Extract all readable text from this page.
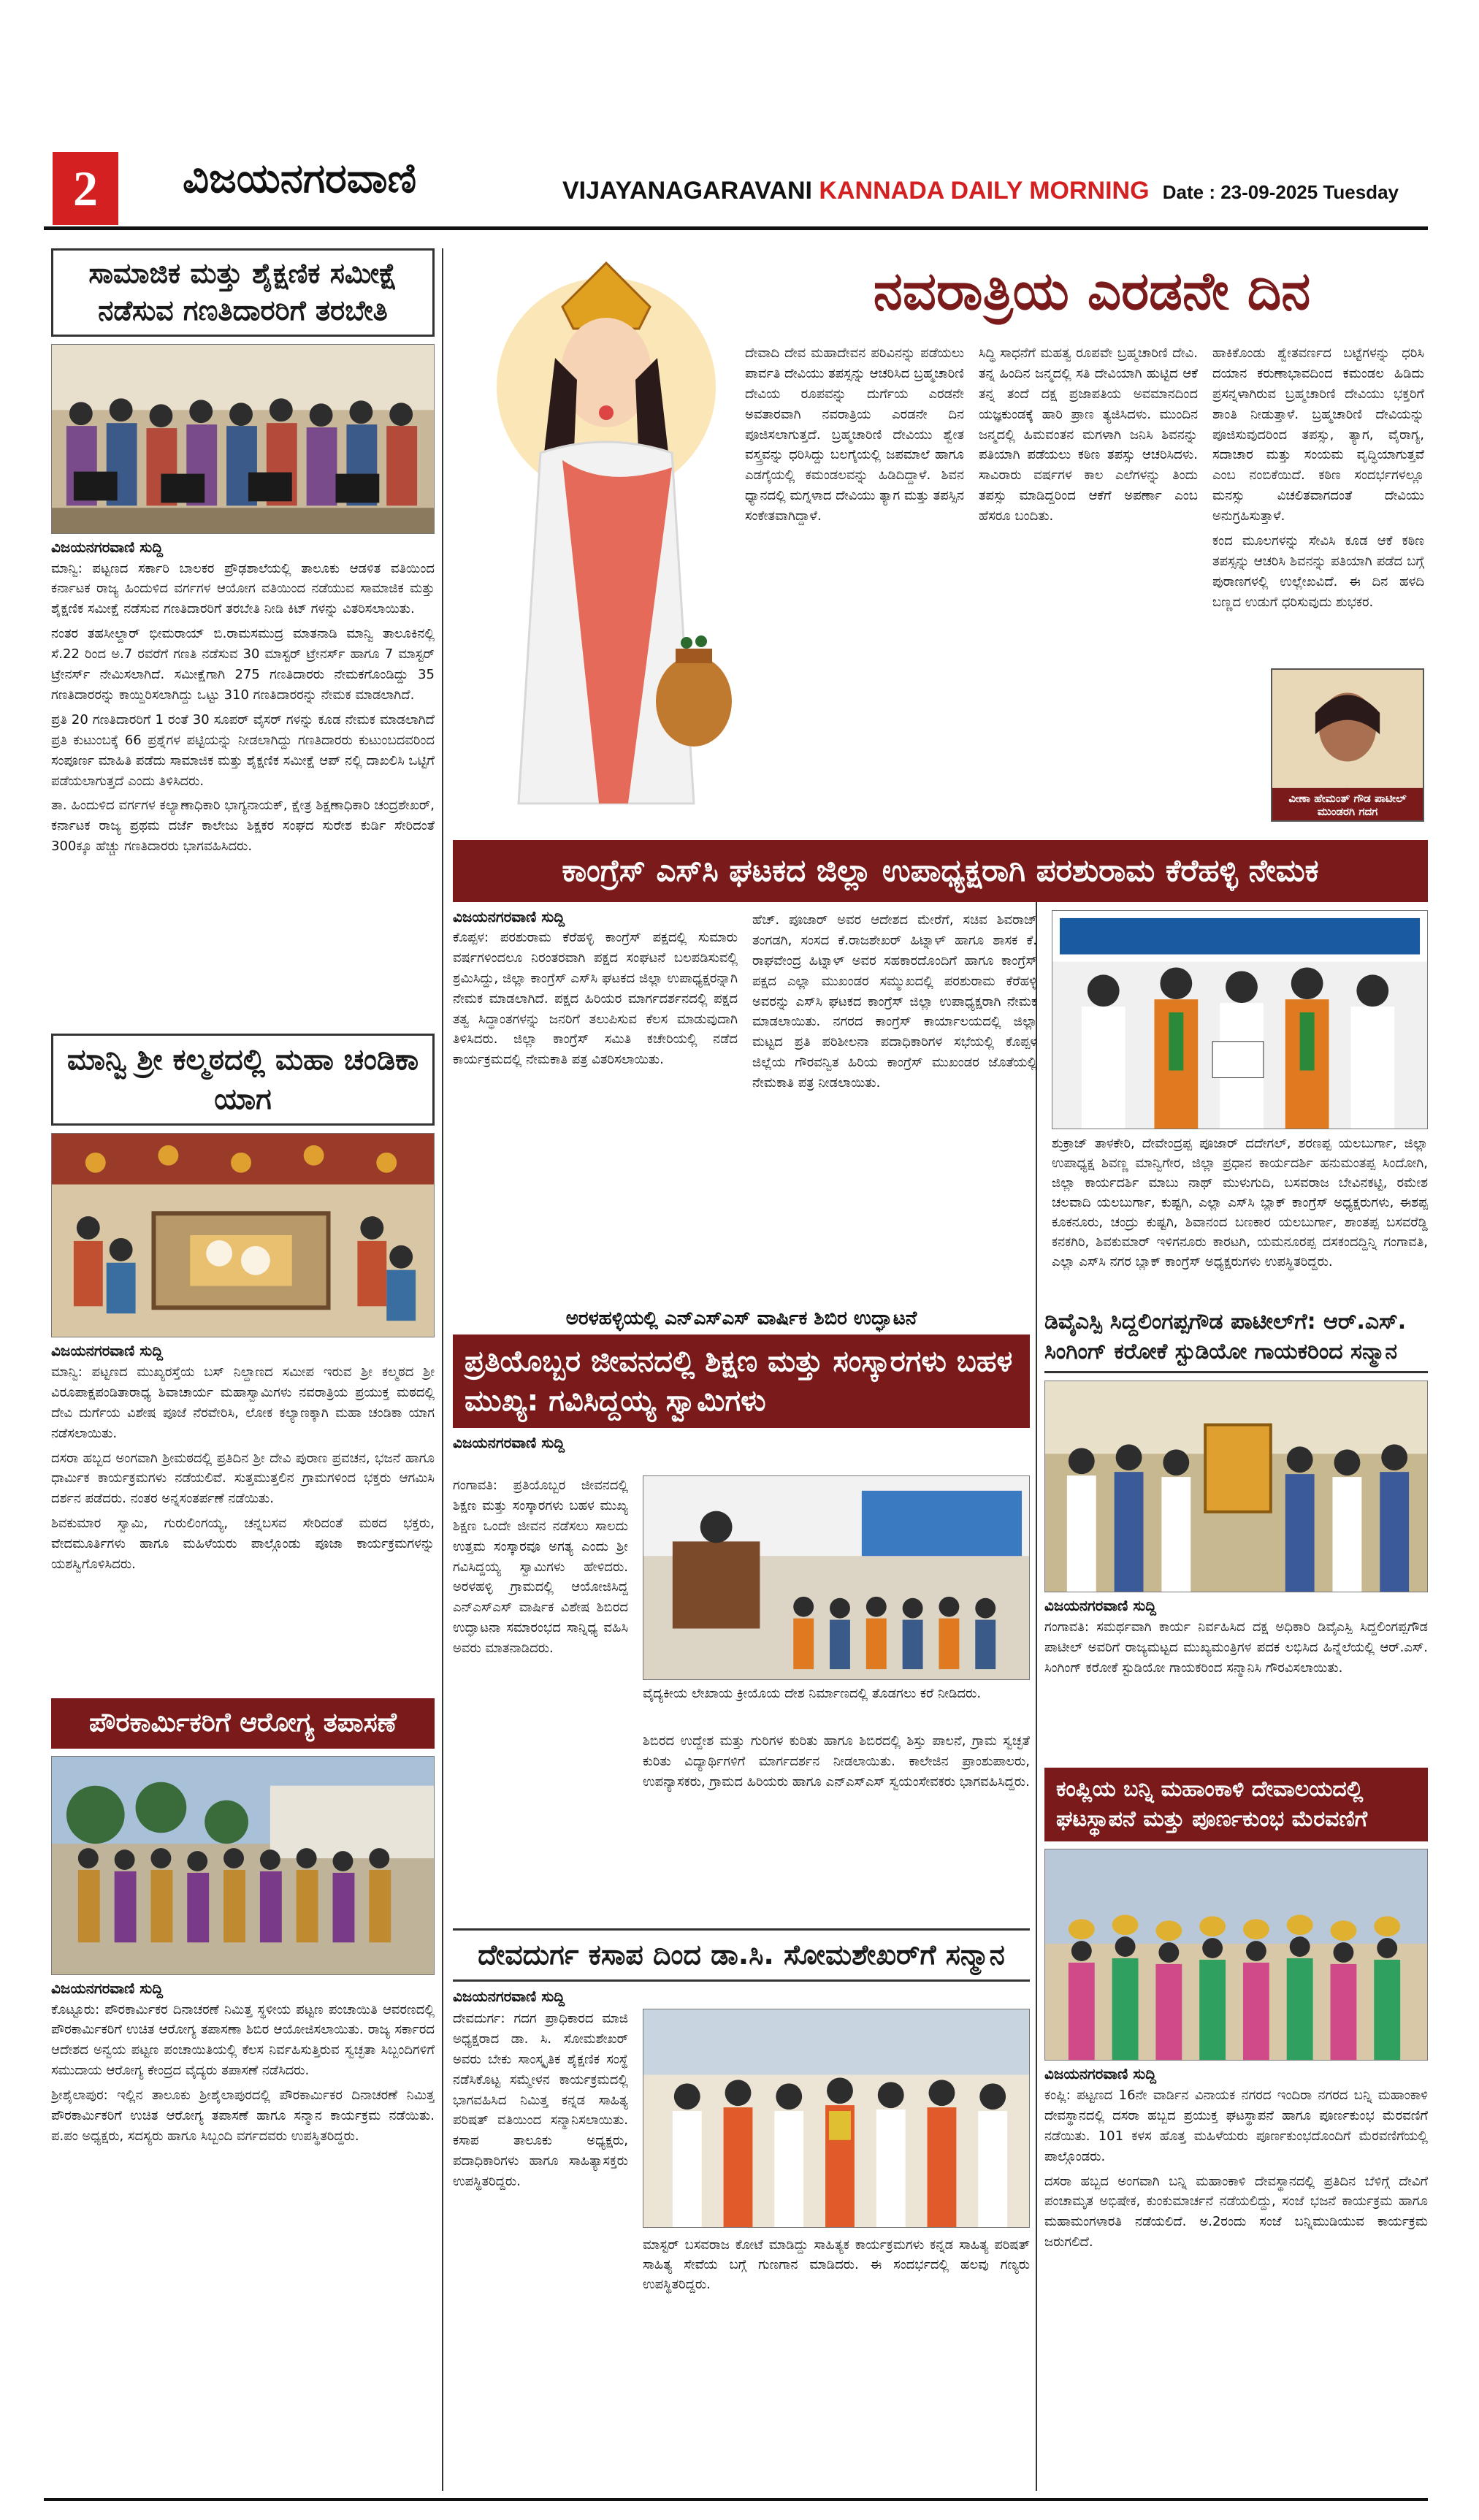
2	ವಿಜಯನಗರವಾಣಿ	VIJAYANAGARAVANI KANNADA DAILY MORNING Date : 23-09-2025 Tuesday
ಸಾಮಾಜಿಕ ಮತ್ತು ಶೈಕ್ಷಣಿಕ ಸಮೀಕ್ಷೆ ನಡೆಸುವ ಗಣತಿದಾರರಿಗೆ ತರಬೇತಿ
ವಿಜಯನಗರವಾಣಿ ಸುದ್ದಿ

ಮಾನ್ವಿ: ಪಟ್ಟಣದ ಸರ್ಕಾರಿ ಬಾಲಕರ ಪ್ರೌಢಶಾಲೆಯಲ್ಲಿ ತಾಲೂಕು ಆಡಳಿತ ವತಿಯಿಂದ ಕರ್ನಾಟಕ ರಾಜ್ಯ ಹಿಂದುಳಿದ ವರ್ಗಗಳ ಆಯೋಗ ವತಿಯಿಂದ ನಡೆಯುವ ಸಾಮಾಜಿಕ ಮತ್ತು ಶೈಕ್ಷಣಿಕ ಸಮೀಕ್ಷೆ ನಡೆಸುವ ಗಣತಿದಾರರಿಗೆ ತರಬೇತಿ ನೀಡಿ ಕಿಟ್ ಗಳನ್ನು ವಿತರಿಸಲಾಯಿತು.

ನಂತರ ತಹಸೀಲ್ದಾರ್ ಭೀಮರಾಯ್ ಬಿ.ರಾಮಸಮುದ್ರ ಮಾತನಾಡಿ ಮಾನ್ವಿ ತಾಲೂಕಿನಲ್ಲಿ ಸೆ.22 ರಿಂದ ಅ.7 ರವರೆಗೆ ಗಣತಿ ನಡೆಸುವ 30 ಮಾಸ್ಟರ್ ಟ್ರೇನರ್ಸ್ ಹಾಗೂ 7 ಮಾಸ್ಟರ್ ಟ್ರೇನರ್ಸ್ ನೇಮಿಸಲಾಗಿದೆ. ಸಮೀಕ್ಷೆಗಾಗಿ 275 ಗಣತಿದಾರರು ನೇಮಕಗೊಂಡಿದ್ದು 35 ಗಣತಿದಾರರನ್ನು ಕಾಯ್ದಿರಿಸಲಾಗಿದ್ದು ಒಟ್ಟು 310 ಗಣತಿದಾರರನ್ನು ನೇಮಕ ಮಾಡಲಾಗಿದೆ.

ಪ್ರತಿ 20 ಗಣತಿದಾರರಿಗೆ 1 ರಂತೆ 30 ಸೂಪರ್ ವೈಸರ್ ಗಳನ್ನು ಕೂಡ ನೇಮಕ ಮಾಡಲಾಗಿದೆ ಪ್ರತಿ ಕುಟುಂಬಕ್ಕೆ 66 ಪ್ರಶ್ನೆಗಳ ಪಟ್ಟಿಯನ್ನು ನೀಡಲಾಗಿದ್ದು ಗಣತಿದಾರರು ಕುಟುಂಬದವರಿಂದ ಸಂಪೂರ್ಣ ಮಾಹಿತಿ ಪಡೆದು ಸಾಮಾಜಿಕ ಮತ್ತು ಶೈಕ್ಷಣಿಕ ಸಮೀಕ್ಷೆ ಆಪ್ ನಲ್ಲಿ ದಾಖಲಿಸಿ ಒಟ್ಟಿಗೆ ಪಡೆಯಲಾಗುತ್ತದೆ ಎಂದು ತಿಳಿಸಿದರು.

ತಾ. ಹಿಂದುಳಿದ ವರ್ಗಗಳ ಕಲ್ಯಾಣಾಧಿಕಾರಿ ಭಾಗ್ಯನಾಯಕ್, ಕ್ಷೇತ್ರ ಶಿಕ್ಷಣಾಧಿಕಾರಿ ಚಂದ್ರಶೇಖರ್, ಕರ್ನಾಟಕ ರಾಜ್ಯ ಪ್ರಥಮ ದರ್ಜೆ ಕಾಲೇಜು ಶಿಕ್ಷಕರ ಸಂಘದ ಸುರೇಶ ಕುರ್ಡಿ ಸೇರಿದಂತೆ 300ಕ್ಕೂ ಹೆಚ್ಚು ಗಣತಿದಾರರು ಭಾಗವಹಿಸಿದರು.

ಮಾನ್ವಿ ಶ್ರೀ ಕಲ್ಮಠದಲ್ಲಿ ಮಹಾ ಚಂಡಿಕಾ ಯಾಗ
ವಿಜಯನಗರವಾಣಿ ಸುದ್ದಿ

ಮಾನ್ವಿ: ಪಟ್ಟಣದ ಮುಖ್ಯರಸ್ತೆಯ ಬಸ್ ನಿಲ್ದಾಣದ ಸಮೀಪ ಇರುವ ಶ್ರೀ ಕಲ್ಮಠದ ಶ್ರೀ ವಿರೂಪಾಕ್ಷಪಂಡಿತಾರಾಧ್ಯ ಶಿವಾಚಾರ್ಯ ಮಹಾಸ್ವಾಮಿಗಳು ನವರಾತ್ರಿಯ ಪ್ರಯುಕ್ತ ಮಠದಲ್ಲಿ ದೇವಿ ದುರ್ಗೆಯ ವಿಶೇಷ ಪೂಜೆ ನೆರವೇರಿಸಿ, ಲೋಕ ಕಲ್ಯಾಣಕ್ಕಾಗಿ ಮಹಾ ಚಂಡಿಕಾ ಯಾಗ ನಡೆಸಲಾಯಿತು.

ದಸರಾ ಹಬ್ಬದ ಅಂಗವಾಗಿ ಶ್ರೀಮಠದಲ್ಲಿ ಪ್ರತಿದಿನ ಶ್ರೀ ದೇವಿ ಪುರಾಣ ಪ್ರವಚನ, ಭಜನೆ ಹಾಗೂ ಧಾರ್ಮಿಕ ಕಾರ್ಯಕ್ರಮಗಳು ನಡೆಯಲಿವೆ. ಸುತ್ತಮುತ್ತಲಿನ ಗ್ರಾಮಗಳಿಂದ ಭಕ್ತರು ಆಗಮಿಸಿ ದರ್ಶನ ಪಡೆದರು. ನಂತರ ಅನ್ನಸಂತರ್ಪಣೆ ನಡೆಯಿತು.

ಶಿವಕುಮಾರ ಸ್ವಾಮಿ, ಗುರುಲಿಂಗಯ್ಯ, ಚನ್ನಬಸವ ಸೇರಿದಂತೆ ಮಠದ ಭಕ್ತರು, ವೇದಮೂರ್ತಿಗಳು ಹಾಗೂ ಮಹಿಳೆಯರು ಪಾಲ್ಗೊಂಡು ಪೂಜಾ ಕಾರ್ಯಕ್ರಮಗಳನ್ನು ಯಶಸ್ವಿಗೊಳಿಸಿದರು.

ಪೌರಕಾರ್ಮಿಕರಿಗೆ ಆರೋಗ್ಯ ತಪಾಸಣೆ
ವಿಜಯನಗರವಾಣಿ ಸುದ್ದಿ

ಕೊಟ್ಟೂರು: ಪೌರಕಾರ್ಮಿಕರ ದಿನಾಚರಣೆ ನಿಮಿತ್ತ ಸ್ಥಳೀಯ ಪಟ್ಟಣ ಪಂಚಾಯಿತಿ ಆವರಣದಲ್ಲಿ ಪೌರಕಾರ್ಮಿಕರಿಗೆ ಉಚಿತ ಆರೋಗ್ಯ ತಪಾಸಣಾ ಶಿಬಿರ ಆಯೋಜಿಸಲಾಯಿತು. ರಾಜ್ಯ ಸರ್ಕಾರದ ಆದೇಶದ ಅನ್ವಯ ಪಟ್ಟಣ ಪಂಚಾಯಿತಿಯಲ್ಲಿ ಕೆಲಸ ನಿರ್ವಹಿಸುತ್ತಿರುವ ಸ್ವಚ್ಛತಾ ಸಿಬ್ಬಂದಿಗಳಿಗೆ ಸಮುದಾಯ ಆರೋಗ್ಯ ಕೇಂದ್ರದ ವೈದ್ಯರು ತಪಾಸಣೆ ನಡೆಸಿದರು.

ಶ್ರೀಶೈಲಾಪುರ: ಇಲ್ಲಿನ ತಾಲೂಕು ಶ್ರೀಶೈಲಾಪುರದಲ್ಲಿ ಪೌರಕಾರ್ಮಿಕರ ದಿನಾಚರಣೆ ನಿಮಿತ್ತ ಪೌರಕಾರ್ಮಿಕರಿಗೆ ಉಚಿತ ಆರೋಗ್ಯ ತಪಾಸಣೆ ಹಾಗೂ ಸನ್ಮಾನ ಕಾರ್ಯಕ್ರಮ ನಡೆಯಿತು. ಪ.ಪಂ ಅಧ್ಯಕ್ಷರು, ಸದಸ್ಯರು ಹಾಗೂ ಸಿಬ್ಬಂದಿ ವರ್ಗದವರು ಉಪಸ್ಥಿತರಿದ್ದರು.

ನವರಾತ್ರಿಯ ಎರಡನೇ ದಿನ

ದೇವಾದಿ ದೇವ ಮಹಾದೇವನ ಪರಿವಿನನ್ನು ಪಡೆಯಲು ಪಾರ್ವತಿ ದೇವಿಯು ತಪಸ್ಸನ್ನು ಆಚರಿಸಿದ ಬ್ರಹ್ಮಚಾರಿಣಿ ದೇವಿಯ ರೂಪವನ್ನು ದುರ್ಗೆಯ ಎರಡನೇ ಅವತಾರವಾಗಿ ನವರಾತ್ರಿಯ ಎರಡನೇ ದಿನ ಪೂಜಿಸಲಾಗುತ್ತದೆ. ಬ್ರಹ್ಮಚಾರಿಣಿ ದೇವಿಯು ಶ್ವೇತ ವಸ್ತ್ರವನ್ನು ಧರಿಸಿದ್ದು ಬಲಗೈಯಲ್ಲಿ ಜಪಮಾಲೆ ಹಾಗೂ ಎಡಗೈಯಲ್ಲಿ ಕಮಂಡಲವನ್ನು ಹಿಡಿದಿದ್ದಾಳೆ. ಶಿವನ ಧ್ಯಾನದಲ್ಲಿ ಮಗ್ನಳಾದ ದೇವಿಯು ತ್ಯಾಗ ಮತ್ತು ತಪಸ್ಸಿನ ಸಂಕೇತವಾಗಿದ್ದಾಳೆ.

ಸಿದ್ಧಿ ಸಾಧನೆಗೆ ಮಹತ್ವ ರೂಪವೇ ಬ್ರಹ್ಮಚಾರಿಣಿ ದೇವಿ. ತನ್ನ ಹಿಂದಿನ ಜನ್ಮದಲ್ಲಿ ಸತಿ ದೇವಿಯಾಗಿ ಹುಟ್ಟಿದ ಆಕೆ ತನ್ನ ತಂದೆ ದಕ್ಷ ಪ್ರಜಾಪತಿಯ ಅವಮಾನದಿಂದ ಯಜ್ಞಕುಂಡಕ್ಕೆ ಹಾರಿ ಪ್ರಾಣ ತ್ಯಜಿಸಿದಳು. ಮುಂದಿನ ಜನ್ಮದಲ್ಲಿ ಹಿಮವಂತನ ಮಗಳಾಗಿ ಜನಿಸಿ ಶಿವನನ್ನು ಪತಿಯಾಗಿ ಪಡೆಯಲು ಕಠಿಣ ತಪಸ್ಸು ಆಚರಿಸಿದಳು. ಸಾವಿರಾರು ವರ್ಷಗಳ ಕಾಲ ಎಲೆಗಳನ್ನು ತಿಂದು ತಪಸ್ಸು ಮಾಡಿದ್ದರಿಂದ ಆಕೆಗೆ ಅಪರ್ಣಾ ಎಂಬ ಹೆಸರೂ ಬಂದಿತು.

ಹಾಕಿಕೊಂಡು ಶ್ವೇತವರ್ಣದ ಬಟ್ಟೆಗಳನ್ನು ಧರಿಸಿ ದಯಾನ ಕರುಣಾಭಾವದಿಂದ ಕಮಂಡಲ ಹಿಡಿದು ಪ್ರಸನ್ನಳಾಗಿರುವ ಬ್ರಹ್ಮಚಾರಿಣಿ ದೇವಿಯು ಭಕ್ತರಿಗೆ ಶಾಂತಿ ನೀಡುತ್ತಾಳೆ. ಬ್ರಹ್ಮಚಾರಿಣಿ ದೇವಿಯನ್ನು ಪೂಜಿಸುವುದರಿಂದ ತಪಸ್ಸು, ತ್ಯಾಗ, ವೈರಾಗ್ಯ, ಸದಾಚಾರ ಮತ್ತು ಸಂಯಮ ವೃದ್ಧಿಯಾಗುತ್ತವೆ ಎಂಬ ನಂಬಿಕೆಯಿದೆ. ಕಠಿಣ ಸಂದರ್ಭಗಳಲ್ಲೂ ಮನಸ್ಸು ವಿಚಲಿತವಾಗದಂತೆ ದೇವಿಯು ಅನುಗ್ರಹಿಸುತ್ತಾಳೆ.

ಕಂದ ಮೂಲಗಳನ್ನು ಸೇವಿಸಿ ಕೂಡ ಆಕೆ ಕಠಿಣ ತಪಸ್ಸನ್ನು ಆಚರಿಸಿ ಶಿವನನ್ನು ಪತಿಯಾಗಿ ಪಡೆದ ಬಗ್ಗೆ ಪುರಾಣಗಳಲ್ಲಿ ಉಲ್ಲೇಖವಿದೆ. ಈ ದಿನ ಹಳದಿ ಬಣ್ಣದ ಉಡುಗೆ ಧರಿಸುವುದು ಶುಭಕರ.

ವೀಣಾ ಹೇಮಂತ್ ಗೌಡ ಪಾಟೀಲ್ ಮುಂಡರಗಿ ಗದಗ
ಕಾಂಗ್ರೆಸ್ ಎಸ್‌ಸಿ ಘಟಕದ ಜಿಲ್ಲಾ ಉಪಾಧ್ಯಕ್ಷರಾಗಿ ಪರಶುರಾಮ ಕೆರೆಹಳ್ಳಿ ನೇಮಕ
ವಿಜಯನಗರವಾಣಿ ಸುದ್ದಿ

ಕೊಪ್ಪಳ: ಪರಶುರಾಮ ಕೆರೆಹಳ್ಳಿ ಕಾಂಗ್ರೆಸ್ ಪಕ್ಷದಲ್ಲಿ ಸುಮಾರು ವರ್ಷಗಳಿಂದಲೂ ನಿರಂತರವಾಗಿ ಪಕ್ಷದ ಸಂಘಟನೆ ಬಲಪಡಿಸುವಲ್ಲಿ ಶ್ರಮಿಸಿದ್ದು, ಜಿಲ್ಲಾ ಕಾಂಗ್ರೆಸ್ ಎಸ್‌ಸಿ ಘಟಕದ ಜಿಲ್ಲಾ ಉಪಾಧ್ಯಕ್ಷರನ್ನಾಗಿ ನೇಮಕ ಮಾಡಲಾಗಿದೆ. ಪಕ್ಷದ ಹಿರಿಯರ ಮಾರ್ಗದರ್ಶನದಲ್ಲಿ ಪಕ್ಷದ ತತ್ವ ಸಿದ್ಧಾಂತಗಳನ್ನು ಜನರಿಗೆ ತಲುಪಿಸುವ ಕೆಲಸ ಮಾಡುವುದಾಗಿ ತಿಳಿಸಿದರು. ಜಿಲ್ಲಾ ಕಾಂಗ್ರೆಸ್ ಸಮಿತಿ ಕಚೇರಿಯಲ್ಲಿ ನಡೆದ ಕಾರ್ಯಕ್ರಮದಲ್ಲಿ ನೇಮಕಾತಿ ಪತ್ರ ವಿತರಿಸಲಾಯಿತು.

ಹೆಚ್. ಪೂಜಾರ್ ಅವರ ಆದೇಶದ ಮೇರೆಗೆ, ಸಚಿವ ಶಿವರಾಜ್ ತಂಗಡಗಿ, ಸಂಸದ ಕೆ.ರಾಜಶೇಖರ್ ಹಿಟ್ನಾಳ್ ಹಾಗೂ ಶಾಸಕ ಕೆ. ರಾಘವೇಂದ್ರ ಹಿಟ್ನಾಳ್ ಅವರ ಸಹಕಾರದೊಂದಿಗೆ ಹಾಗೂ ಕಾಂಗ್ರೆಸ್ ಪಕ್ಷದ ಎಲ್ಲಾ ಮುಖಂಡರ ಸಮ್ಮುಖದಲ್ಲಿ ಪರಶುರಾಮ ಕೆರೆಹಳ್ಳಿ ಅವರನ್ನು ಎಸ್‌ಸಿ ಘಟಕದ ಕಾಂಗ್ರೆಸ್ ಜಿಲ್ಲಾ ಉಪಾಧ್ಯಕ್ಷರಾಗಿ ನೇಮಕ ಮಾಡಲಾಯಿತು. ನಗರದ ಕಾಂಗ್ರೆಸ್ ಕಾರ್ಯಾಲಯದಲ್ಲಿ ಜಿಲ್ಲಾ ಮಟ್ಟದ ಪ್ರತಿ ಪರಿಶೀಲನಾ ಪದಾಧಿಕಾರಿಗಳ ಸಭೆಯಲ್ಲಿ ಕೊಪ್ಪಳ ಜಿಲ್ಲೆಯ ಗೌರವನ್ವಿತ ಹಿರಿಯ ಕಾಂಗ್ರೆಸ್ ಮುಖಂಡರ ಜೊತೆಯಲ್ಲಿ ನೇಮಕಾತಿ ಪತ್ರ ನೀಡಲಾಯಿತು.

ಶುಕ್ರಾಜ್ ತಾಳಕೇರಿ, ದೇವೇಂದ್ರಪ್ಪ ಪೂಜಾರ್ ದದೇಗಲ್, ಶರಣಪ್ಪ ಯಲಬುರ್ಗಾ, ಜಿಲ್ಲಾ ಉಪಾಧ್ಯಕ್ಷ ಶಿವಣ್ಣ ಮಾನ್ವಿಗೇರ, ಜಿಲ್ಲಾ ಪ್ರಧಾನ ಕಾರ್ಯದರ್ಶಿ ಹನುಮಂತಪ್ಪ ಸಿಂದೋಗಿ, ಜಿಲ್ಲಾ ಕಾರ್ಯದರ್ಶಿ ಮಾಬು ನಾಥ್ ಮುಳುಗುದಿ, ಬಸವರಾಜ ಬೇವಿನಕಟ್ಟಿ, ರಮೇಶ ಚಲವಾದಿ ಯಲಬುರ್ಗಾ, ಕುಷ್ಟಗಿ, ಎಲ್ಲಾ ಎಸ್‌ಸಿ ಬ್ಲಾಕ್ ಕಾಂಗ್ರೆಸ್ ಅಧ್ಯಕ್ಷರುಗಳು, ಈಶಪ್ಪ ಕೂಕನೂರು, ಚಂದ್ರು ಕುಷ್ಟಗಿ, ಶಿವಾನಂದ ಬಣಕಾರ ಯಲಬುರ್ಗಾ, ಶಾಂತಪ್ಪ ಬಸವರೆಡ್ಡಿ ಕನಕಗಿರಿ, ಶಿವಕುಮಾರ್ ಇಳಿಗನೂರು ಕಾರಟಗಿ, ಯಮನೂರಪ್ಪ ದಸಕಂದದ್ದಿನ್ನಿ ಗಂಗಾವತಿ, ಎಲ್ಲಾ ಎಸ್‌ಸಿ ನಗರ ಬ್ಲಾಕ್ ಕಾಂಗ್ರೆಸ್ ಅಧ್ಯಕ್ಷರುಗಳು ಉಪಸ್ಥಿತರಿದ್ದರು.
ಅರಳಹಳ್ಳಿಯಲ್ಲಿ ಎನ್‌ಎಸ್‌ಎಸ್ ವಾರ್ಷಿಕ ಶಿಬಿರ ಉದ್ಘಾಟನೆ
ಪ್ರತಿಯೊಬ್ಬರ ಜೀವನದಲ್ಲಿ ಶಿಕ್ಷಣ ಮತ್ತು ಸಂಸ್ಕಾರಗಳು ಬಹಳ ಮುಖ್ಯ: ಗವಿಸಿದ್ದಯ್ಯ ಸ್ವಾಮಿಗಳು
ವಿಜಯನಗರವಾಣಿ ಸುದ್ದಿ

ಗಂಗಾವತಿ: ಪ್ರತಿಯೊಬ್ಬರ ಜೀವನದಲ್ಲಿ ಶಿಕ್ಷಣ ಮತ್ತು ಸಂಸ್ಕಾರಗಳು ಬಹಳ ಮುಖ್ಯ ಶಿಕ್ಷಣ ಒಂದೇ ಜೀವನ ನಡೆಸಲು ಸಾಲದು ಉತ್ತಮ ಸಂಸ್ಕಾರವೂ ಅಗತ್ಯ ಎಂದು ಶ್ರೀ ಗವಿಸಿದ್ದಯ್ಯ ಸ್ವಾಮಿಗಳು ಹೇಳಿದರು. ಅರಳಹಳ್ಳಿ ಗ್ರಾಮದಲ್ಲಿ ಆಯೋಜಿಸಿದ್ದ ಎನ್‌ಎಸ್‌ಎಸ್ ವಾರ್ಷಿಕ ವಿಶೇಷ ಶಿಬಿರದ ಉದ್ಘಾಟನಾ ಸಮಾರಂಭದ ಸಾನ್ನಿಧ್ಯ ವಹಿಸಿ ಅವರು ಮಾತನಾಡಿದರು.

ವೈದ್ಯಕೀಯ ಲೇಖಾಯ ಕ್ರೀಯೊಯ ದೇಶ ನಿರ್ಮಾಣದಲ್ಲಿ ತೊಡಗಲು ಕರೆ ನೀಡಿದರು.

ಶಿಬಿರದ ಉದ್ದೇಶ ಮತ್ತು ಗುರಿಗಳ ಕುರಿತು ಹಾಗೂ ಶಿಬಿರದಲ್ಲಿ ಶಿಸ್ತು ಪಾಲನೆ, ಗ್ರಾಮ ಸ್ವಚ್ಛತೆ ಕುರಿತು ವಿದ್ಯಾರ್ಥಿಗಳಿಗೆ ಮಾರ್ಗದರ್ಶನ ನೀಡಲಾಯಿತು. ಕಾಲೇಜಿನ ಪ್ರಾಂಶುಪಾಲರು, ಉಪನ್ಯಾಸಕರು, ಗ್ರಾಮದ ಹಿರಿಯರು ಹಾಗೂ ಎನ್‌ಎಸ್‌ಎಸ್ ಸ್ವಯಂಸೇವಕರು ಭಾಗವಹಿಸಿದ್ದರು.

ದೇವದುರ್ಗ ಕಸಾಪ ದಿಂದ ಡಾ.ಸಿ. ಸೋಮಶೇಖರ್‌ಗೆ ಸನ್ಮಾನ
ವಿಜಯನಗರವಾಣಿ ಸುದ್ದಿ

ದೇವದುರ್ಗ: ಗದಗ ಪ್ರಾಧಿಕಾರದ ಮಾಜಿ ಅಧ್ಯಕ್ಷರಾದ ಡಾ. ಸಿ. ಸೋಮಶೇಖರ್ ಅವರು ಬೇಕು ಸಾಂಸ್ಕೃತಿಕ ಶೈಕ್ಷಣಿಕ ಸಂಸ್ಥೆ ನಡೆಸಿಕೊಟ್ಟ ಸಮ್ಮೇಳನ ಕಾರ್ಯಕ್ರಮದಲ್ಲಿ ಭಾಗವಹಿಸಿದ ನಿಮಿತ್ತ ಕನ್ನಡ ಸಾಹಿತ್ಯ ಪರಿಷತ್ ವತಿಯಿಂದ ಸನ್ಮಾನಿಸಲಾಯಿತು. ಕಸಾಪ ತಾಲೂಕು ಅಧ್ಯಕ್ಷರು, ಪದಾಧಿಕಾರಿಗಳು ಹಾಗೂ ಸಾಹಿತ್ಯಾಸಕ್ತರು ಉಪಸ್ಥಿತರಿದ್ದರು.

ಮಾಸ್ಟರ್ ಬಸವರಾಜ ಕೋಟೆ ಮಾಡಿದ್ದು ಸಾಹಿತ್ಯಕ ಕಾರ್ಯಕ್ರಮಗಳು ಕನ್ನಡ ಸಾಹಿತ್ಯ ಪರಿಷತ್ ಸಾಹಿತ್ಯ ಸೇವೆಯ ಬಗ್ಗೆ ಗುಣಗಾನ ಮಾಡಿದರು. ಈ ಸಂದರ್ಭದಲ್ಲಿ ಹಲವು ಗಣ್ಯರು ಉಪಸ್ಥಿತರಿದ್ದರು.
ಡಿವೈಎಸ್ಪಿ ಸಿದ್ದಲಿಂಗಪ್ಪಗೌಡ ಪಾಟೀಲ್‌ಗೆ: ಆರ್.ಎಸ್. ಸಿಂಗಿಂಗ್ ಕರೋಕೆ ಸ್ಟುಡಿಯೋ ಗಾಯಕರಿಂದ ಸನ್ಮಾನ
ವಿಜಯನಗರವಾಣಿ ಸುದ್ದಿ

ಗಂಗಾವತಿ: ಸಮರ್ಥವಾಗಿ ಕಾರ್ಯ ನಿರ್ವಹಿಸಿದ ದಕ್ಷ ಅಧಿಕಾರಿ ಡಿವೈಎಸ್ಪಿ ಸಿದ್ದಲಿಂಗಪ್ಪಗೌಡ ಪಾಟೀಲ್ ಅವರಿಗೆ ರಾಜ್ಯಮಟ್ಟದ ಮುಖ್ಯಮಂತ್ರಿಗಳ ಪದಕ ಲಭಿಸಿದ ಹಿನ್ನೆಲೆಯಲ್ಲಿ ಆರ್.ಎಸ್. ಸಿಂಗಿಂಗ್ ಕರೋಕೆ ಸ್ಟುಡಿಯೋ ಗಾಯಕರಿಂದ ಸನ್ಮಾನಿಸಿ ಗೌರವಿಸಲಾಯಿತು.

ಕಂಪ್ಲಿಯ ಬನ್ನಿ ಮಹಾಂಕಾಳಿ ದೇವಾಲಯದಲ್ಲಿ ಘಟಸ್ಥಾಪನೆ ಮತ್ತು ಪೂರ್ಣಕುಂಭ ಮೆರವಣಿಗೆ
ವಿಜಯನಗರವಾಣಿ ಸುದ್ದಿ

ಕಂಪ್ಲಿ: ಪಟ್ಟಣದ 16ನೇ ವಾರ್ಡಿನ ವಿನಾಯಕ ನಗರದ ಇಂದಿರಾ ನಗರದ ಬನ್ನಿ ಮಹಾಂಕಾಳಿ ದೇವಸ್ಥಾನದಲ್ಲಿ ದಸರಾ ಹಬ್ಬದ ಪ್ರಯುಕ್ತ ಘಟಸ್ಥಾಪನೆ ಹಾಗೂ ಪೂರ್ಣಕುಂಭ ಮೆರವಣಿಗೆ ನಡೆಯಿತು. 101 ಕಳಸ ಹೊತ್ತ ಮಹಿಳೆಯರು ಪೂರ್ಣಕುಂಭದೊಂದಿಗೆ ಮೆರವಣಿಗೆಯಲ್ಲಿ ಪಾಲ್ಗೊಂಡರು.

ದಸರಾ ಹಬ್ಬದ ಅಂಗವಾಗಿ ಬನ್ನಿ ಮಹಾಂಕಾಳಿ ದೇವಸ್ಥಾನದಲ್ಲಿ ಪ್ರತಿದಿನ ಬೆಳಿಗ್ಗೆ ದೇವಿಗೆ ಪಂಚಾಮೃತ ಅಭಿಷೇಕ, ಕುಂಕುಮಾರ್ಚನೆ ನಡೆಯಲಿದ್ದು, ಸಂಜೆ ಭಜನೆ ಕಾರ್ಯಕ್ರಮ ಹಾಗೂ ಮಹಾಮಂಗಳಾರತಿ ನಡೆಯಲಿದೆ. ಅ.2ರಂದು ಸಂಜೆ ಬನ್ನಿಮುಡಿಯುವ ಕಾರ್ಯಕ್ರಮ ಜರುಗಲಿದೆ.
